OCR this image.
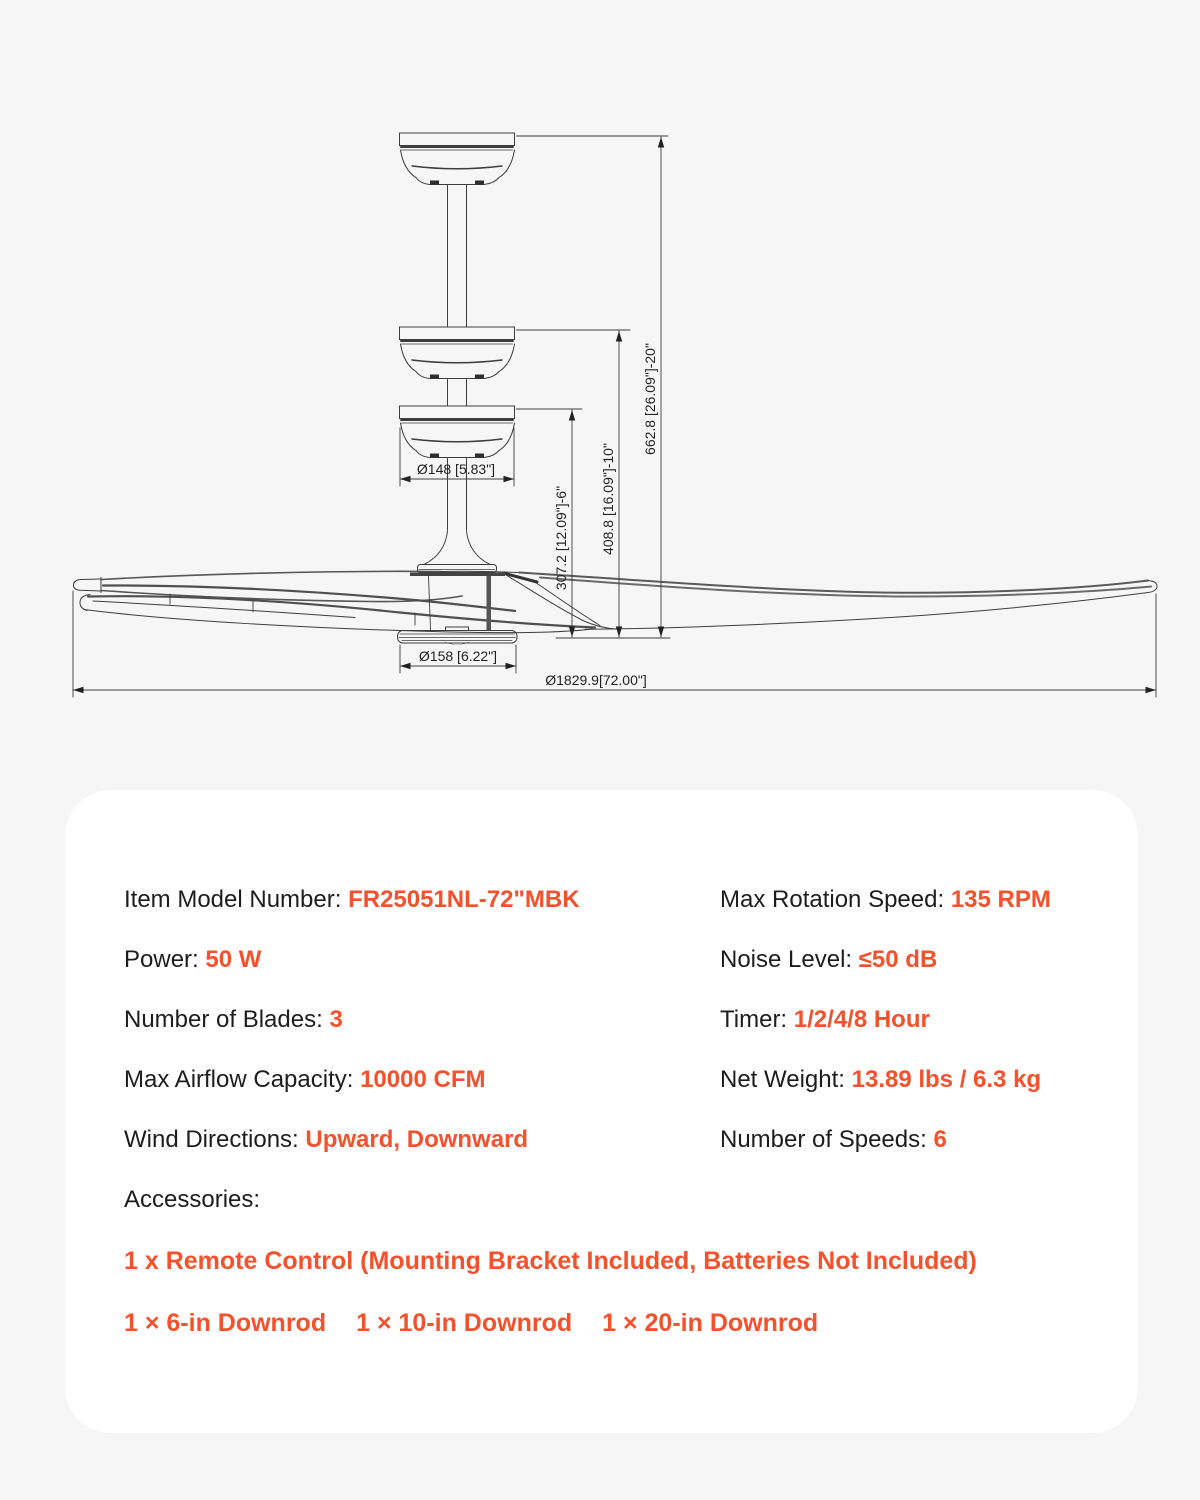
Ø148 [5.83"]
Ø158 [6.22"]
Ø1829.9[72.00"]
307.2 [12.09"]-6" 408.8 [16.09"]-10"
662.8 [26.09"]-20"
Item Model Number: FR25051NL-72"MBK
Power: 50 W
Number of Blades: 3
Max Airflow Capacity: 10000 CFM
Wind Directions: Upward, Downward
Accessories:
Max Rotation Speed: 135 RPM
Noise Level: ≤50 dB
Timer: 1/2/4/8 Hour
Net Weight: 13.89 lbs / 6.3 kg
Number of Speeds: 6
1 x Remote Control (Mounting Bracket Included, Batteries Not Included)
1 × 6-in Downrod 1 × 10-in Downrod 1 × 20-in Downrod
